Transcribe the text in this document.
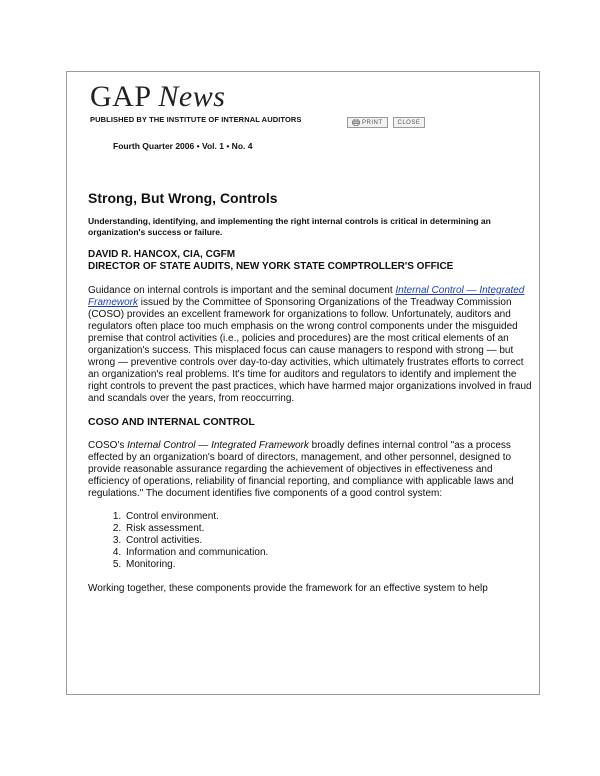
GAP News
PUBLISHED BY THE INSTITUTE OF INTERNAL AUDITORS	PRINT	CLOSE
Fourth Quarter 2006 • Vol. 1 • No. 4
Strong, But Wrong, Controls
Understanding, identifying, and implementing the right internal controls is critical in determining an organization's success or failure.
DAVID R. HANCOX, CIA, CGFM
DIRECTOR OF STATE AUDITS, NEW YORK STATE COMPTROLLER'S OFFICE

Guidance on internal controls is important and the seminal document Internal Control — Integrated Framework issued by the Committee of Sponsoring Organizations of the Treadway Commission (COSO) provides an excellent framework for organizations to follow. Unfortunately, auditors and regulators often place too much emphasis on the wrong control components under the misguided premise that control activities (i.e., policies and procedures) are the most critical elements of an organization's success. This misplaced focus can cause managers to respond with strong — but wrong — preventive controls over day-to-day activities, which ultimately frustrates efforts to correct an organization's real problems. It's time for auditors and regulators to identify and implement the right controls to prevent the past practices, which have harmed major organizations involved in fraud and scandals over the years, from reoccurring.

COSO AND INTERNAL CONTROL

COSO's Internal Control — Integrated Framework broadly defines internal control "as a process effected by an organization's board of directors, management, and other personnel, designed to provide reasonable assurance regarding the achievement of objectives in effectiveness and efficiency of operations, reliability of financial reporting, and compliance with applicable laws and regulations." The document identifies five components of a good control system:

1. Control environment.
2. Risk assessment.
3. Control activities.
4. Information and communication.
5. Monitoring.

Working together, these components provide the framework for an effective system to help
